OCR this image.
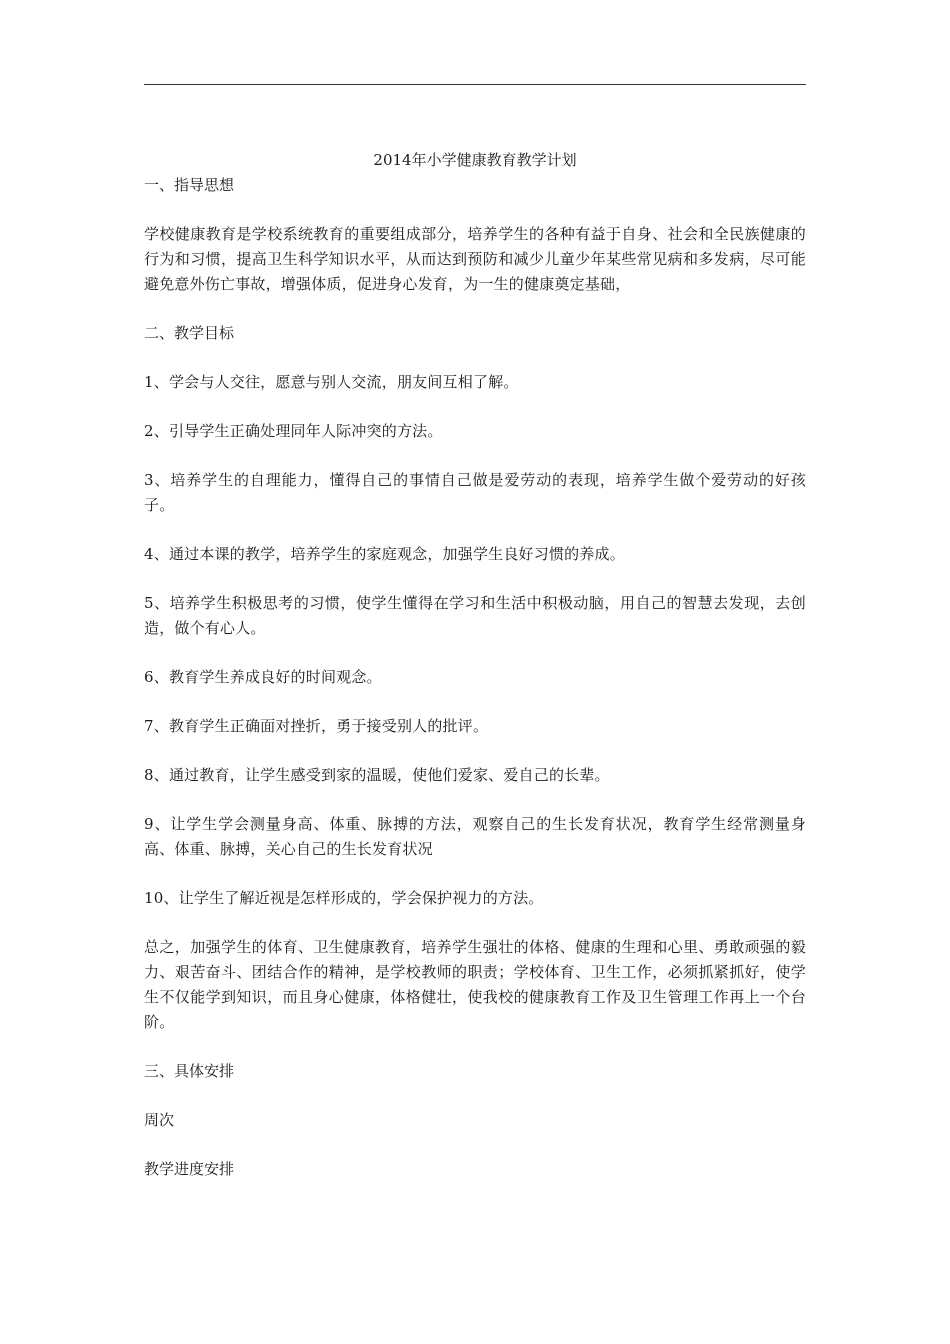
2014年小学健康教育教学计划
一、指导思想

学校健康教育是学校系统教育的重要组成部分，培养学生的各种有益于自身、社会和全民族健康的行为和习惯，提高卫生科学知识水平，从而达到预防和减少儿童少年某些常见病和多发病，尽可能避免意外伤亡事故，增强体质，促进身心发育，为一生的健康奠定基础，

二、教学目标

1、学会与人交往，愿意与别人交流，朋友间互相了解。

2、引导学生正确处理同年人际冲突的方法。

3、培养学生的自理能力，懂得自己的事情自己做是爱劳动的表现，培养学生做个爱劳动的好孩子。

4、通过本课的教学，培养学生的家庭观念，加强学生良好习惯的养成。

5、培养学生积极思考的习惯，使学生懂得在学习和生活中积极动脑，用自己的智慧去发现，去创造，做个有心人。

6、教育学生养成良好的时间观念。

7、教育学生正确面对挫折，勇于接受别人的批评。

8、通过教育，让学生感受到家的温暖，使他们爱家、爱自己的长辈。

9、让学生学会测量身高、体重、脉搏的方法，观察自己的生长发育状况，教育学生经常测量身高、体重、脉搏，关心自己的生长发育状况

10、让学生了解近视是怎样形成的，学会保护视力的方法。

总之，加强学生的体育、卫生健康教育，培养学生强壮的体格、健康的生理和心里、勇敢顽强的毅力、艰苦奋斗、团结合作的精神，是学校教师的职责；学校体育、卫生工作，必须抓紧抓好，使学生不仅能学到知识，而且身心健康，体格健壮，使我校的健康教育工作及卫生管理工作再上一个台阶。

三、具体安排
周次
教学进度安排
